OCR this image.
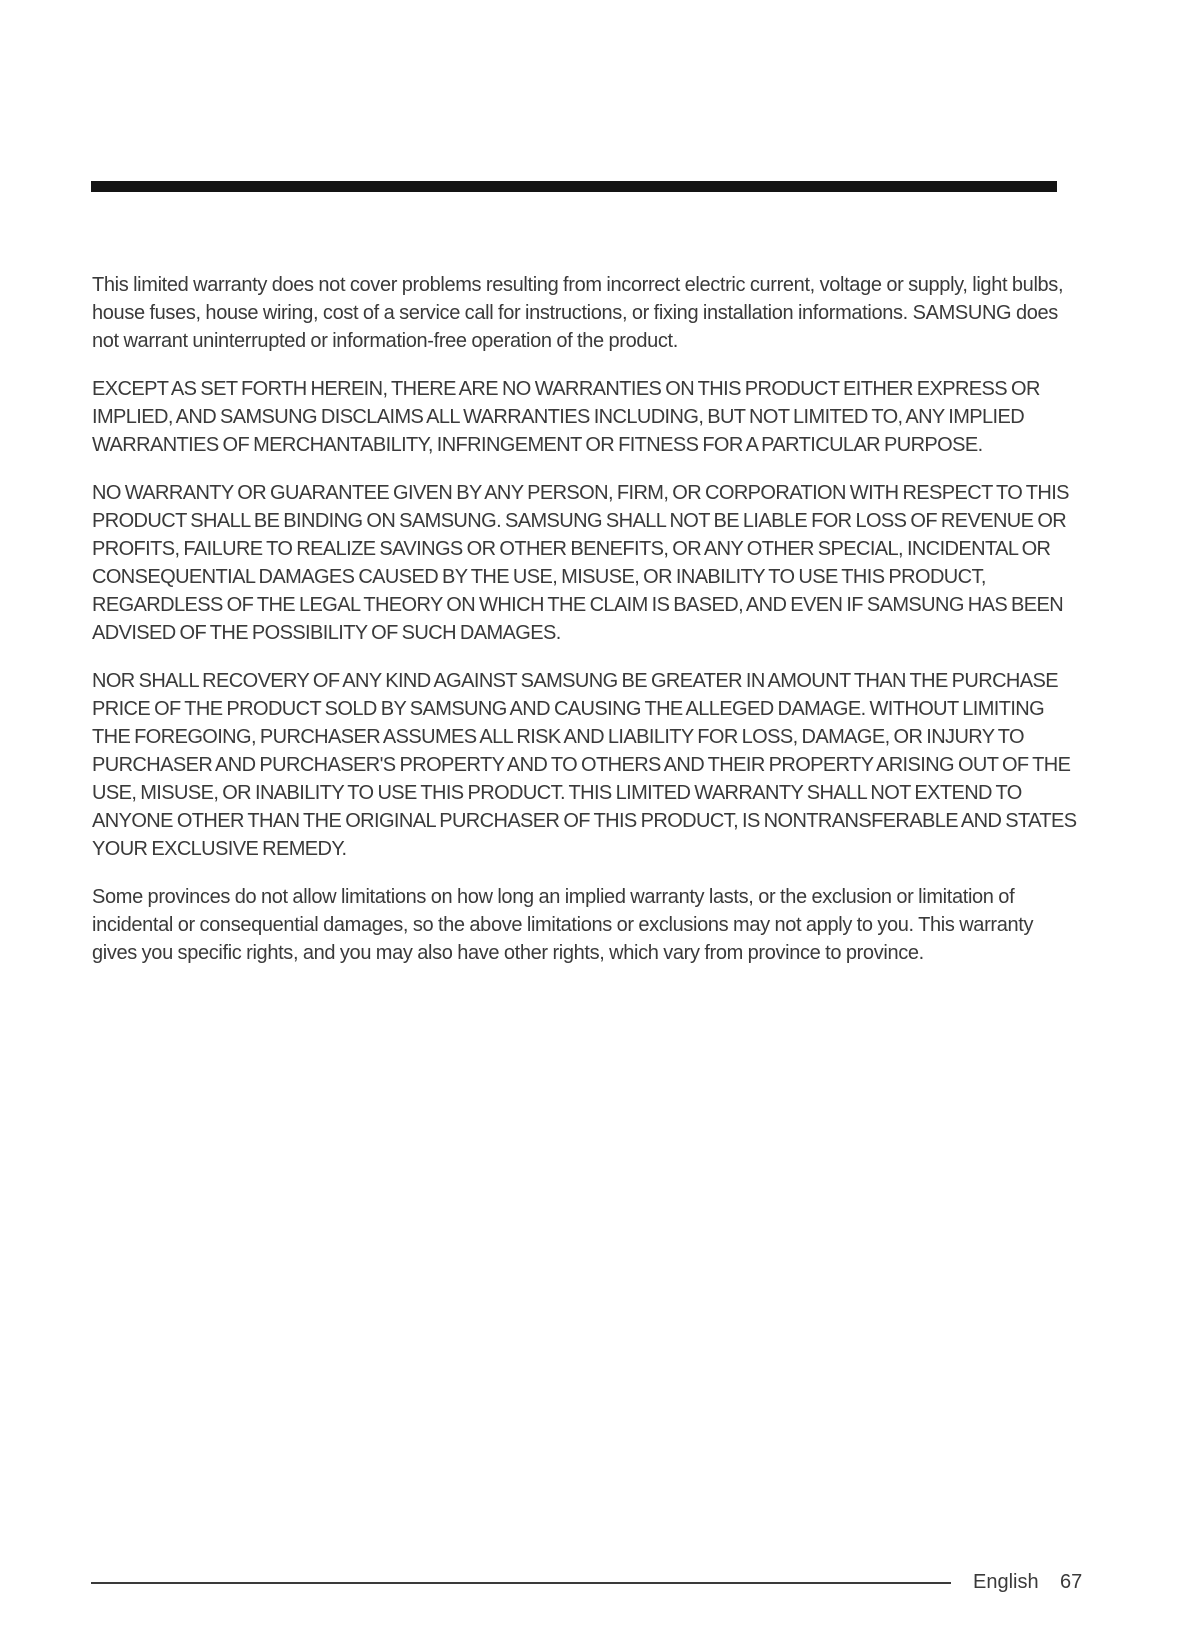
This limited warranty does not cover problems resulting from incorrect electric current, voltage or supply, light bulbs, house fuses, house wiring, cost of a service call for instructions, or fixing installation informations. SAMSUNG does not warrant uninterrupted or information-free operation of the product.

EXCEPT AS SET FORTH HEREIN, THERE ARE NO WARRANTIES ON THIS PRODUCT EITHER EXPRESS OR IMPLIED, AND SAMSUNG DISCLAIMS ALL WARRANTIES INCLUDING, BUT NOT LIMITED TO, ANY IMPLIED WARRANTIES OF MERCHANTABILITY, INFRINGEMENT OR FITNESS FOR A PARTICULAR PURPOSE.

NO WARRANTY OR GUARANTEE GIVEN BY ANY PERSON, FIRM, OR CORPORATION WITH RESPECT TO THIS PRODUCT SHALL BE BINDING ON SAMSUNG. SAMSUNG SHALL NOT BE LIABLE FOR LOSS OF REVENUE OR PROFITS, FAILURE TO REALIZE SAVINGS OR OTHER BENEFITS, OR ANY OTHER SPECIAL, INCIDENTAL OR CONSEQUENTIAL DAMAGES CAUSED BY THE USE, MISUSE, OR INABILITY TO USE THIS PRODUCT, REGARDLESS OF THE LEGAL THEORY ON WHICH THE CLAIM IS BASED, AND EVEN IF SAMSUNG HAS BEEN ADVISED OF THE POSSIBILITY OF SUCH DAMAGES.

NOR SHALL RECOVERY OF ANY KIND AGAINST SAMSUNG BE GREATER IN AMOUNT THAN THE PURCHASE PRICE OF THE PRODUCT SOLD BY SAMSUNG AND CAUSING THE ALLEGED DAMAGE. WITHOUT LIMITING THE FOREGOING, PURCHASER ASSUMES ALL RISK AND LIABILITY FOR LOSS, DAMAGE, OR INJURY TO PURCHASER AND PURCHASER'S PROPERTY AND TO OTHERS AND THEIR PROPERTY ARISING OUT OF THE USE, MISUSE, OR INABILITY TO USE THIS PRODUCT. THIS LIMITED WARRANTY SHALL NOT EXTEND TO ANYONE OTHER THAN THE ORIGINAL PURCHASER OF THIS PRODUCT, IS NONTRANSFERABLE AND STATES YOUR EXCLUSIVE REMEDY.

Some provinces do not allow limitations on how long an implied warranty lasts, or the exclusion or limitation of incidental or consequential damages, so the above limitations or exclusions may not apply to you. This warranty gives you specific rights, and you may also have other rights, which vary from province to province.

English 67
